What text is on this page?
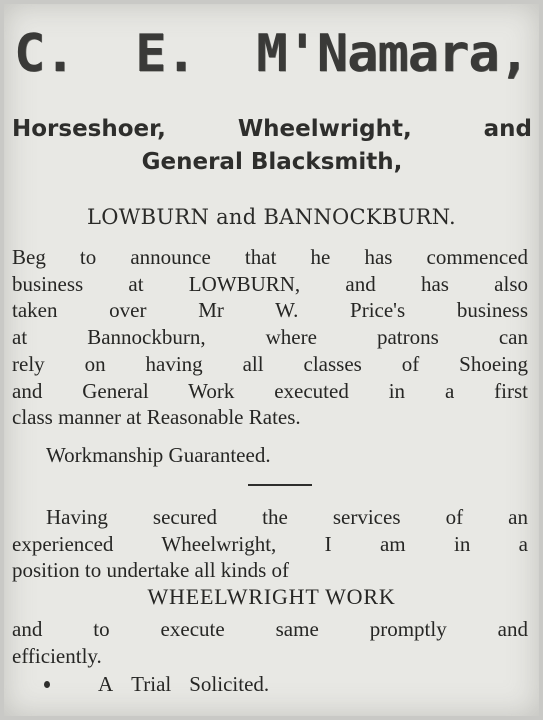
C. E. M'Namara,
Horseshoer,	Wheelwright,	and
General Blacksmith,
LOWBURN and BANNOCKBURN.
Beg to announce that he has commenced
business at LOWBURN, and has also
taken over Mr W. Price's business
at Bannockburn, where patrons can
rely on having all classes of Shoeing
and General Work executed in a first
class manner at Reasonable Rates.
Workmanship Guaranteed.
Having secured the services of an
experienced Wheelwright, I am in a
position to undertake all kinds of
WHEELWRIGHT WORK
and to execute same promptly and
efficiently.
A Trial Solicited.
